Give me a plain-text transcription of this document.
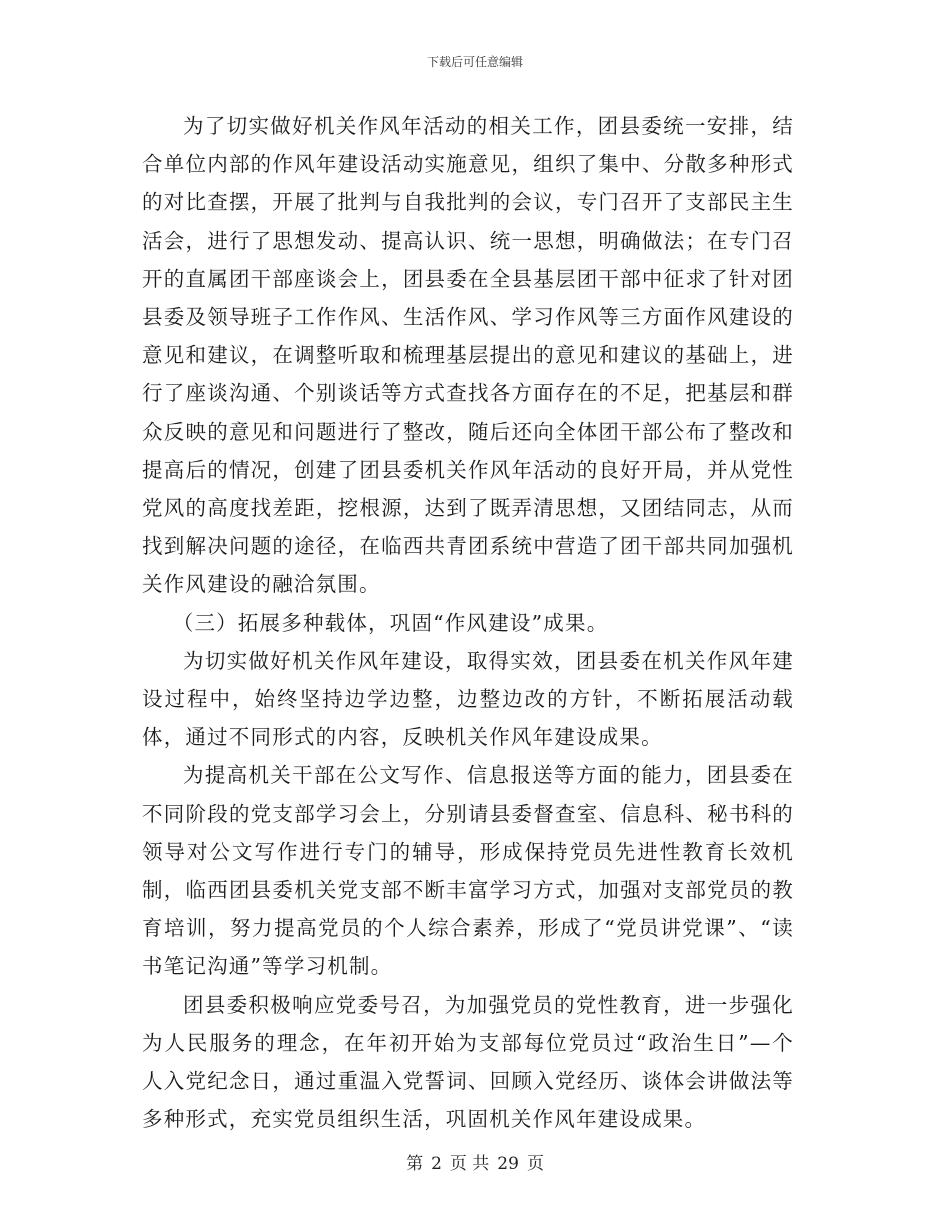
下载后可任意编辑

为了切实做好机关作风年活动的相关工作，团县委统一安排，结合单位内部的作风年建设活动实施意见，组织了集中、分散多种形式的对比查摆，开展了批判与自我批判的会议，专门召开了支部民主生活会，进行了思想发动、提高认识、统一思想，明确做法；在专门召开的直属团干部座谈会上，团县委在全县基层团干部中征求了针对团县委及领导班子工作作风、生活作风、学习作风等三方面作风建设的意见和建议，在调整听取和梳理基层提出的意见和建议的基础上，进行了座谈沟通、个别谈话等方式查找各方面存在的不足，把基层和群众反映的意见和问题进行了整改，随后还向全体团干部公布了整改和提高后的情况，创建了团县委机关作风年活动的良好开局，并从党性党风的高度找差距，挖根源，达到了既弄清思想，又团结同志，从而找到解决问题的途径，在临西共青团系统中营造了团干部共同加强机关作风建设的融洽氛围。

（三）拓展多种载体，巩固“作风建设”成果。

为切实做好机关作风年建设，取得实效，团县委在机关作风年建设过程中，始终坚持边学边整，边整边改的方针，不断拓展活动载体，通过不同形式的内容，反映机关作风年建设成果。

为提高机关干部在公文写作、信息报送等方面的能力，团县委在不同阶段的党支部学习会上，分别请县委督查室、信息科、秘书科的领导对公文写作进行专门的辅导，形成保持党员先进性教育长效机制，临西团县委机关党支部不断丰富学习方式，加强对支部党员的教育培训，努力提高党员的个人综合素养，形成了“党员讲党课”、“读书笔记沟通”等学习机制。

团县委积极响应党委号召，为加强党员的党性教育，进一步强化为人民服务的理念，在年初开始为支部每位党员过“政治生日”—个人入党纪念日，通过重温入党誓词、回顾入党经历、谈体会讲做法等多种形式，充实党员组织生活，巩固机关作风年建设成果。

第 2 页 共 29 页
